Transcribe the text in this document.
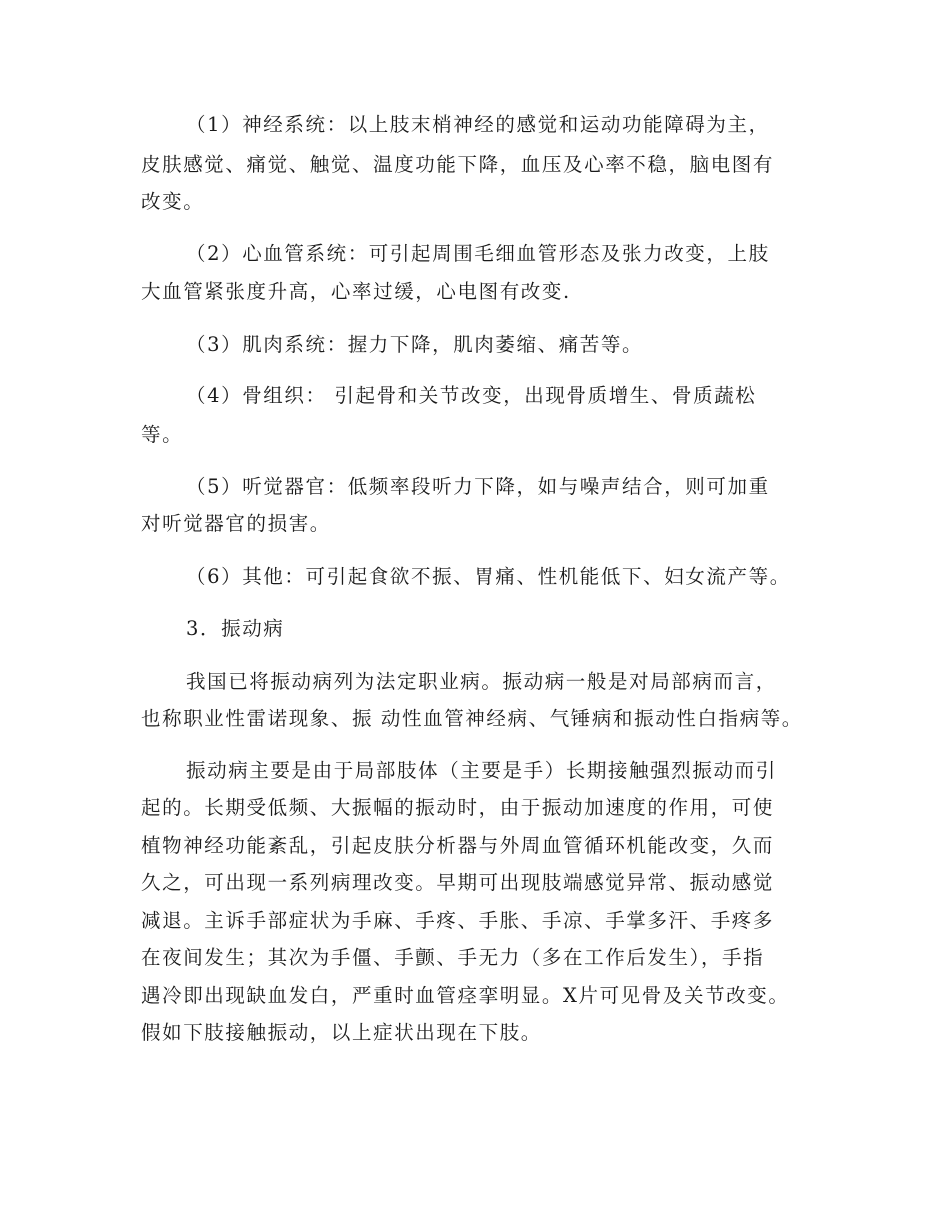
（1）神经系统：以上肢末梢神经的感觉和运动功能障碍为主，

皮肤感觉、痛觉、触觉、温度功能下降，血压及心率不稳，脑电图有

改变。

（2）心血管系统：可引起周围毛细血管形态及张力改变，上肢

大血管紧张度升高，心率过缓，心电图有改变.

（3）肌肉系统：握力下降，肌肉萎缩、痛苦等。

（4）骨组织： 引起骨和关节改变，出现骨质增生、骨质蔬松

等。

（5）听觉器官：低频率段听力下降，如与噪声结合，则可加重

对听觉器官的损害。

（6）其他：可引起食欲不振、胃痛、性机能低下、妇女流产等。

3．振动病

我国已将振动病列为法定职业病。振动病一般是对局部病而言，

也称职业性雷诺现象、振 动性血管神经病、气锤病和振动性白指病等。

振动病主要是由于局部肢体（主要是手）长期接触强烈振动而引

起的。长期受低频、大振幅的振动时，由于振动加速度的作用，可使

植物神经功能紊乱，引起皮肤分析器与外周血管循环机能改变，久而

久之，可出现一系列病理改变。早期可出现肢端感觉异常、振动感觉

减退。主诉手部症状为手麻、手疼、手胀、手凉、手掌多汗、手疼多

在夜间发生；其次为手僵、手颤、手无力（多在工作后发生），手指

遇冷即出现缺血发白，严重时血管痉挛明显。X片可见骨及关节改变。

假如下肢接触振动，以上症状出现在下肢。
